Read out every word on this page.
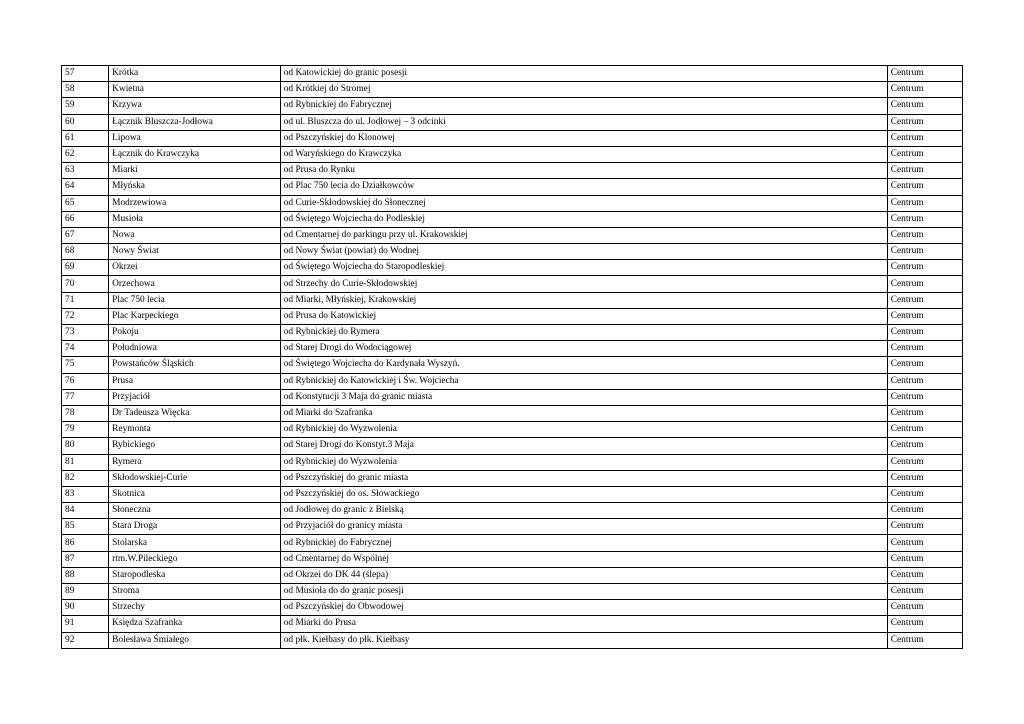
57	Krótka	od Katowickiej do granic posesji	Centrum
58	Kwietna	od Krótkiej do Stromej	Centrum
59	Krzywa	od Rybnickiej do Fabrycznej	Centrum
60	Łącznik Bluszcza-Jodłowa	od ul. Bluszcza do ul. Jodłowej – 3 odcinki	Centrum
61	Lipowa	od Pszczyńskiej do Klonowej	Centrum
62	Łącznik do Krawczyka	od Waryńskiego do Krawczyka	Centrum
63	Miarki	od Prusa do Rynku	Centrum
64	Młyńska	od Plac 750 lecia do Działkowców	Centrum
65	Modrzewiowa	od Curie-Skłodowskiej do Słonecznej	Centrum
66	Musioła	od Świętego Wojciecha do Podleskiej	Centrum
67	Nowa	od Cmentarnej do parkingu przy ul. Krakowskiej	Centrum
68	Nowy Świat	od Nowy Świat (powiat) do Wodnej	Centrum
69	Okrzei	od Świętego Wojciecha do Staropodleskiej	Centrum
70	Orzechowa	od Strzechy do Curie-Skłodowskiej	Centrum
71	Plac 750 lecia	od Miarki, Młyńskiej, Krakowskiej	Centrum
72	Plac Karpeckiego	od Prusa do Katowickiej	Centrum
73	Pokoju	od Rybnickiej do Rymera	Centrum
74	Południowa	od Starej Drogi do Wodociągowej	Centrum
75	Powstańców Śląskich	od Świętego Wojciecha do Kardynała Wyszyń.	Centrum
76	Prusa	od Rybnickiej do Katowickiej i Św. Wojciecha	Centrum
77	Przyjaciół	od Konstytucji 3 Maja do granic miasta	Centrum
78	Dr Tadeusza Więcka	od Miarki do Szafranka	Centrum
79	Reymonta	od Rybnickiej do Wyzwolenia	Centrum
80	Rybickiego	od Starej Drogi do Konstyt.3 Maja	Centrum
81	Rymera	od Rybnickiej do Wyzwolenia	Centrum
82	Skłodowskiej-Curie	od Pszczyńskiej do granic miasta	Centrum
83	Skotnica	od Pszczyńskiej do os. Słowackiego	Centrum
84	Słoneczna	od Jodłowej do granic z Bielską	Centrum
85	Stara Droga	od Przyjaciół do granicy miasta	Centrum
86	Stolarska	od Rybnickiej do Fabrycznej	Centrum
87	rtm.W.Pileckiego	od Cmentarnej do Wspólnej	Centrum
88	Staropodleska	od Okrzei do DK 44 (ślepa)	Centrum
89	Stroma	od Musioła do do granic posesji	Centrum
90	Strzechy	od Pszczyńskiej do Obwodowej	Centrum
91	Księdza Szafranka	od Miarki do Prusa	Centrum
92	Bolesława Śmiałego	od płk. Kiełbasy do płk. Kiełbasy	Centrum
